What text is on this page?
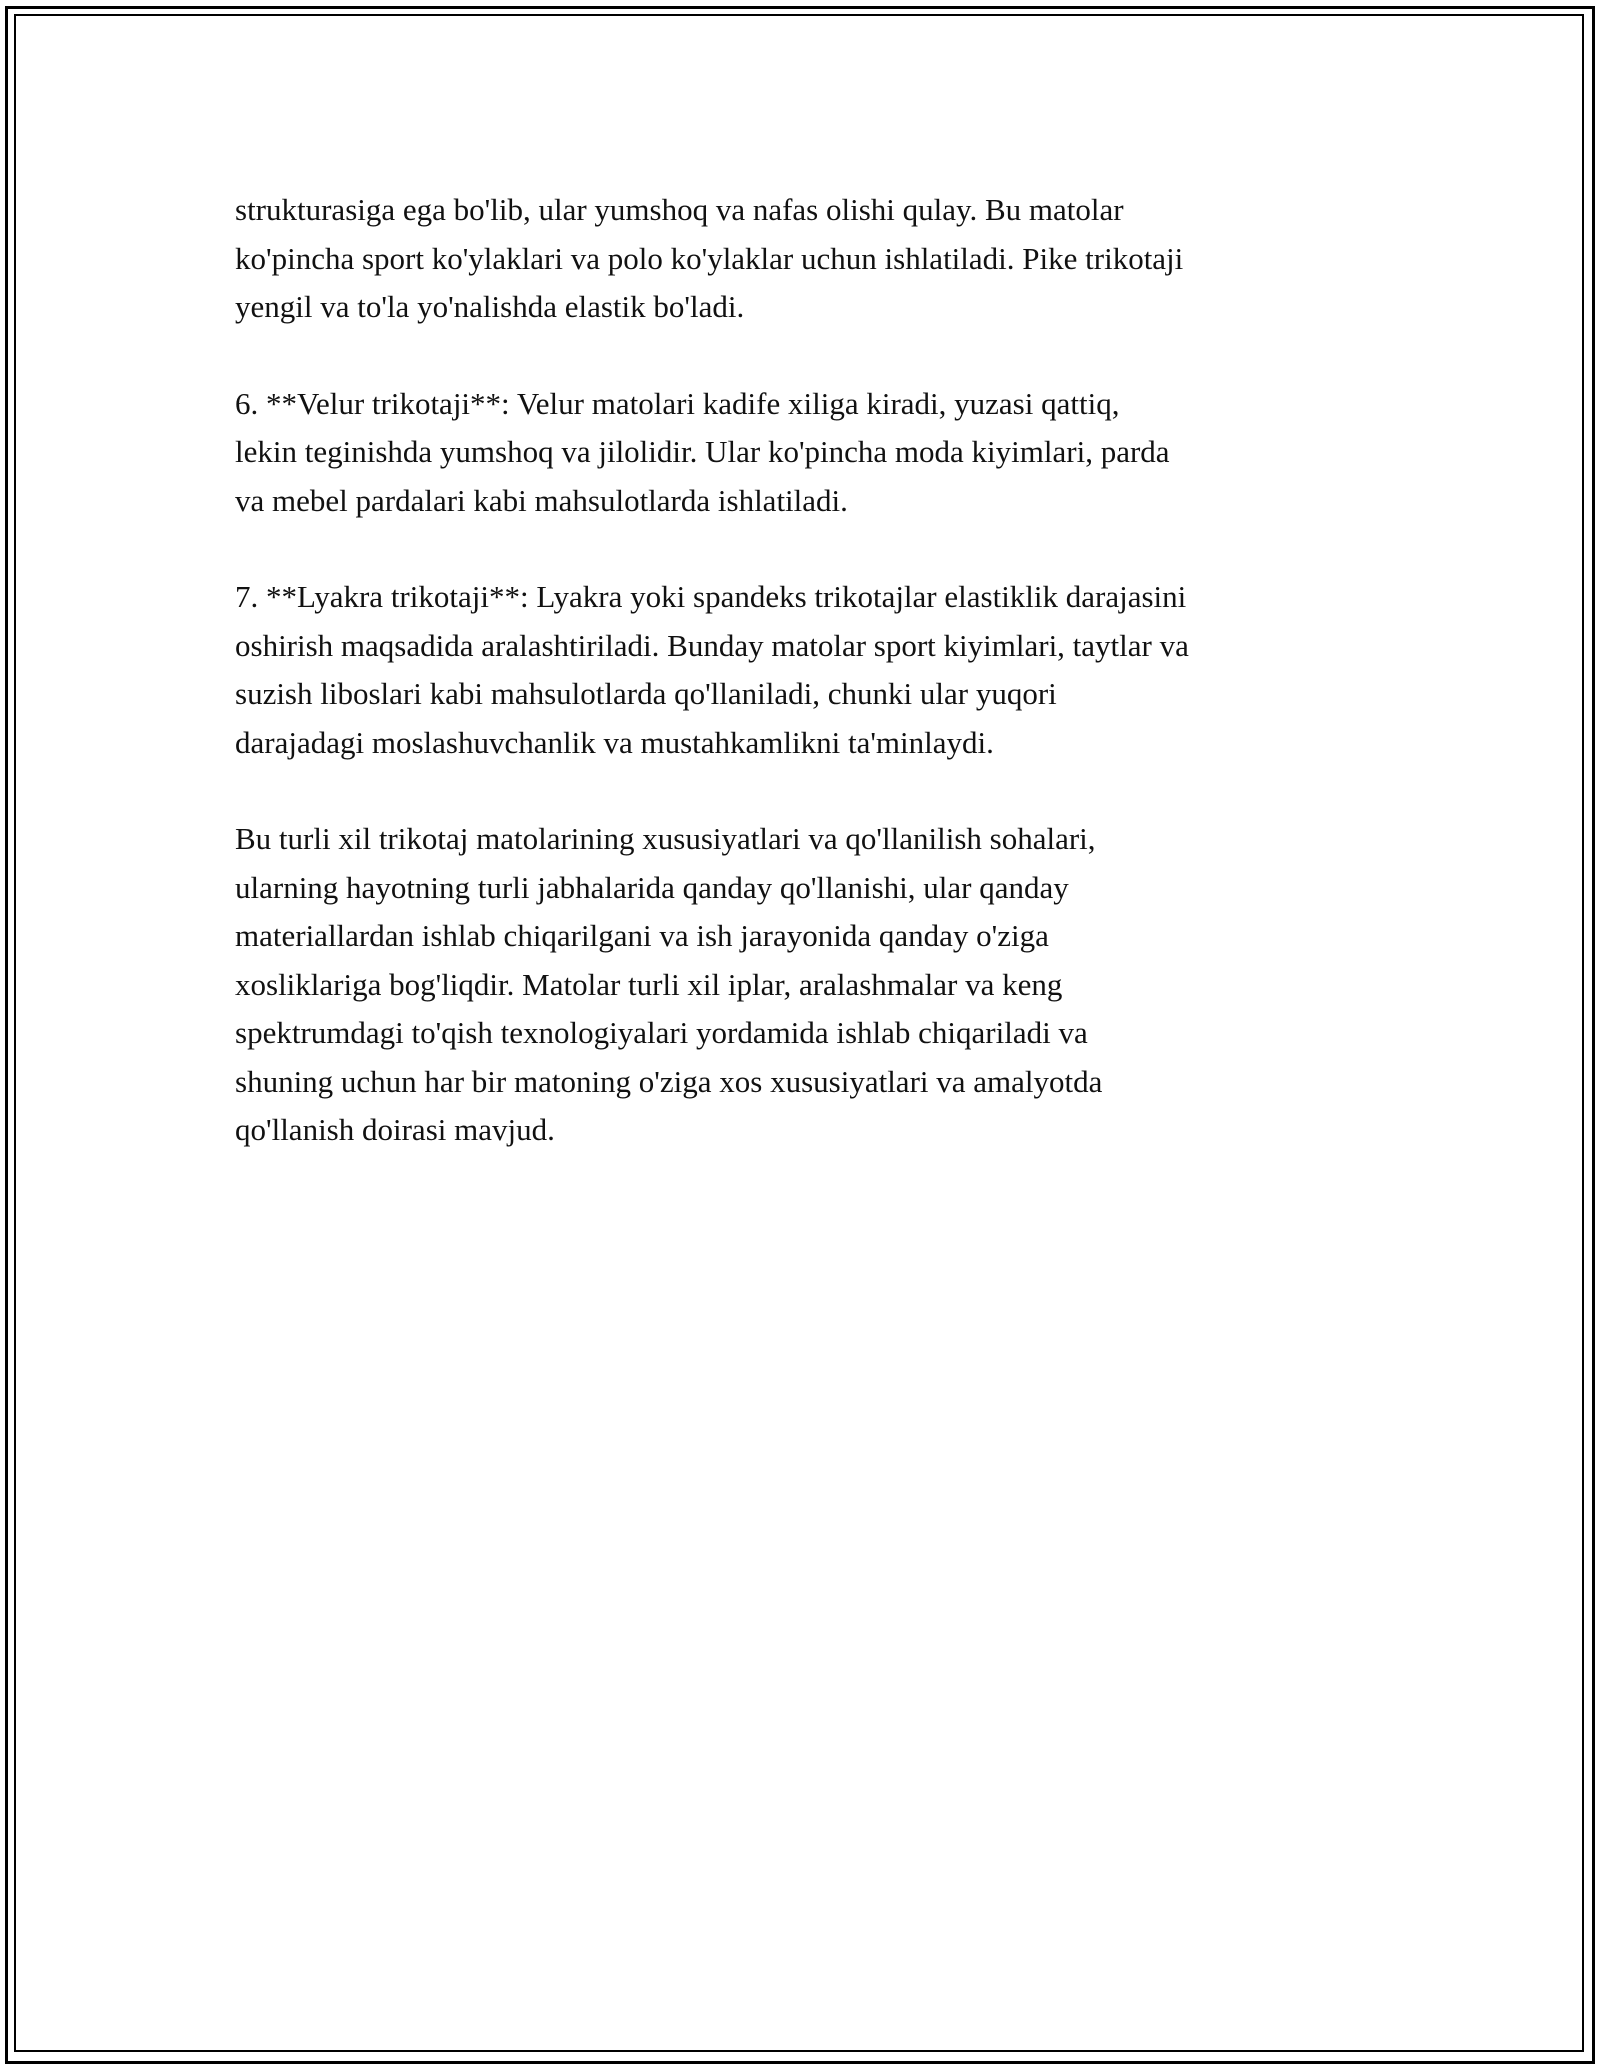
strukturasiga ega bo'lib, ular yumshoq va nafas olishi qulay. Bu matolar
ko'pincha sport ko'ylaklari va polo ko'ylaklar uchun ishlatiladi. Pike trikotaji
yengil va to'la yo'nalishda elastik bo'ladi.

6. **Velur trikotaji**: Velur matolari kadife xiliga kiradi, yuzasi qattiq,
lekin teginishda yumshoq va jilolidir. Ular ko'pincha moda kiyimlari, parda
va mebel pardalari kabi mahsulotlarda ishlatiladi.

7. **Lyakra trikotaji**: Lyakra yoki spandeks trikotajlar elastiklik darajasini
oshirish maqsadida aralashtiriladi. Bunday matolar sport kiyimlari, taytlar va
suzish liboslari kabi mahsulotlarda qo'llaniladi, chunki ular yuqori
darajadagi moslashuvchanlik va mustahkamlikni ta'minlaydi.

Bu turli xil trikotaj matolarining xususiyatlari va qo'llanilish sohalari,
ularning hayotning turli jabhalarida qanday qo'llanishi, ular qanday
materiallardan ishlab chiqarilgani va ish jarayonida qanday o'ziga
xosliklariga bog'liqdir. Matolar turli xil iplar, aralashmalar va keng
spektrumdagi to'qish texnologiyalari yordamida ishlab chiqariladi va
shuning uchun har bir matoning o'ziga xos xususiyatlari va amalyotda
qo'llanish doirasi mavjud.
